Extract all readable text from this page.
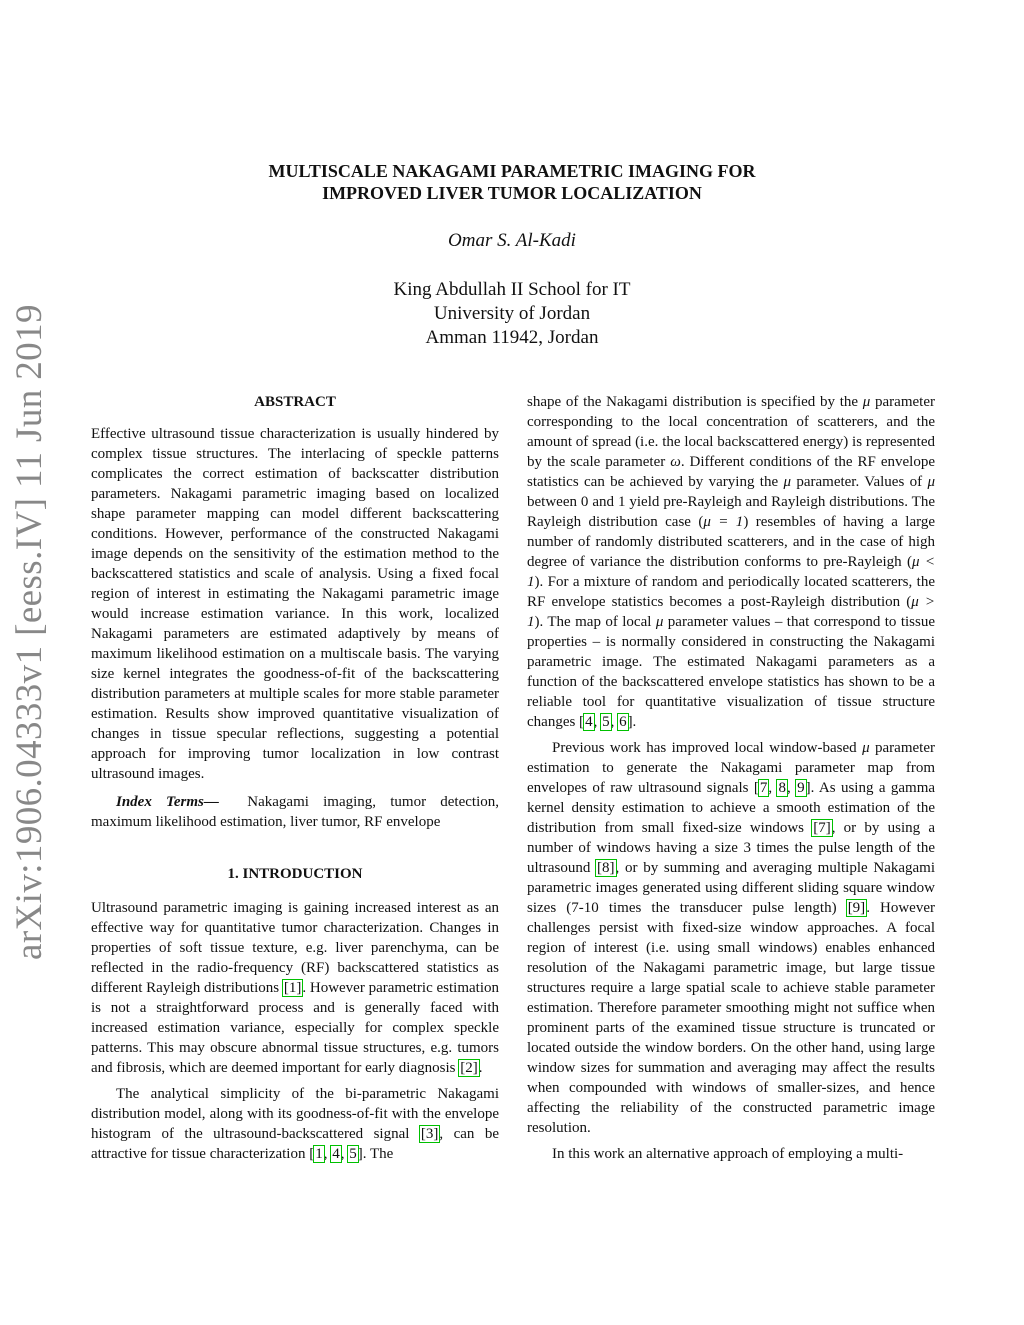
arXiv:1906.04333v1 [eess.IV] 11 Jun 2019
MULTISCALE NAKAGAMI PARAMETRIC IMAGING FOR
IMPROVED LIVER TUMOR LOCALIZATION
Omar S. Al-Kadi
King Abdullah II School for IT
University of Jordan
Amman 11942, Jordan
ABSTRACT

Effective ultrasound tissue characterization is usually hindered by complex tissue structures. The interlacing of speckle patterns complicates the correct estimation of backscatter distribution parameters. Nakagami parametric imaging based on localized shape parameter mapping can model different backscattering conditions. However, performance of the constructed Nakagami image depends on the sensitivity of the estimation method to the backscattered statistics and scale of analysis. Using a fixed focal region of interest in estimating the Nakagami parametric image would increase estimation variance. In this work, localized Nakagami parameters are estimated adaptively by means of maximum likelihood estimation on a multiscale basis. The varying size kernel integrates the goodness-of-fit of the backscattering distribution parameters at multiple scales for more stable parameter estimation. Results show improved quantitative visualization of changes in tissue specular reflections, suggesting a potential approach for improving tumor localization in low contrast ultrasound images.

Index Terms— Nakagami imaging, tumor detection, maximum likelihood estimation, liver tumor, RF envelope

1. INTRODUCTION

Ultrasound parametric imaging is gaining increased interest as an effective way for quantitative tumor characterization. Changes in properties of soft tissue texture, e.g. liver parenchyma, can be reflected in the radio-frequency (RF) backscattered statistics as different Rayleigh distributions [1]. However parametric estimation is not a straightforward process and is generally faced with increased estimation variance, especially for complex speckle patterns. This may obscure abnormal tissue structures, e.g. tumors and fibrosis, which are deemed important for early diagnosis [2].

The analytical simplicity of the bi-parametric Nakagami distribution model, along with its goodness-of-fit with the envelope histogram of the ultrasound-backscattered signal [3], can be attractive for tissue characterization [1, 4, 5]. The

shape of the Nakagami distribution is specified by the μ parameter corresponding to the local concentration of scatterers, and the amount of spread (i.e. the local backscattered energy) is represented by the scale parameter ω. Different conditions of the RF envelope statistics can be achieved by varying the μ parameter. Values of μ between 0 and 1 yield pre-Rayleigh and Rayleigh distributions. The Rayleigh distribution case (μ = 1) resembles of having a large number of randomly distributed scatterers, and in the case of high degree of variance the distribution conforms to pre-Rayleigh (μ < 1). For a mixture of random and periodically located scatterers, the RF envelope statistics becomes a post-Rayleigh distribution (μ > 1). The map of local μ parameter values – that correspond to tissue properties – is normally considered in constructing the Nakagami parametric image. The estimated Nakagami parameters as a function of the backscattered envelope statistics has shown to be a reliable tool for quantitative visualization of tissue structure changes [4, 5, 6].

Previous work has improved local window-based μ parameter estimation to generate the Nakagami parameter map from envelopes of raw ultrasound signals [7, 8, 9]. As using a gamma kernel density estimation to achieve a smooth estimation of the distribution from small fixed-size windows [7], or by using a number of windows having a size 3 times the pulse length of the ultrasound [8], or by summing and averaging multiple Nakagami parametric images generated using different sliding square window sizes (7-10 times the transducer pulse length) [9]. However challenges persist with fixed-size window approaches. A focal region of interest (i.e. using small windows) enables enhanced resolution of the Nakagami parametric image, but large tissue structures require a large spatial scale to achieve stable parameter estimation. Therefore parameter smoothing might not suffice when prominent parts of the examined tissue structure is truncated or located outside the window borders. On the other hand, using large window sizes for summation and averaging may affect the results when compounded with windows of smaller-sizes, and hence affecting the reliability of the constructed parametric image resolution.

In this work an alternative approach of employing a multi-
